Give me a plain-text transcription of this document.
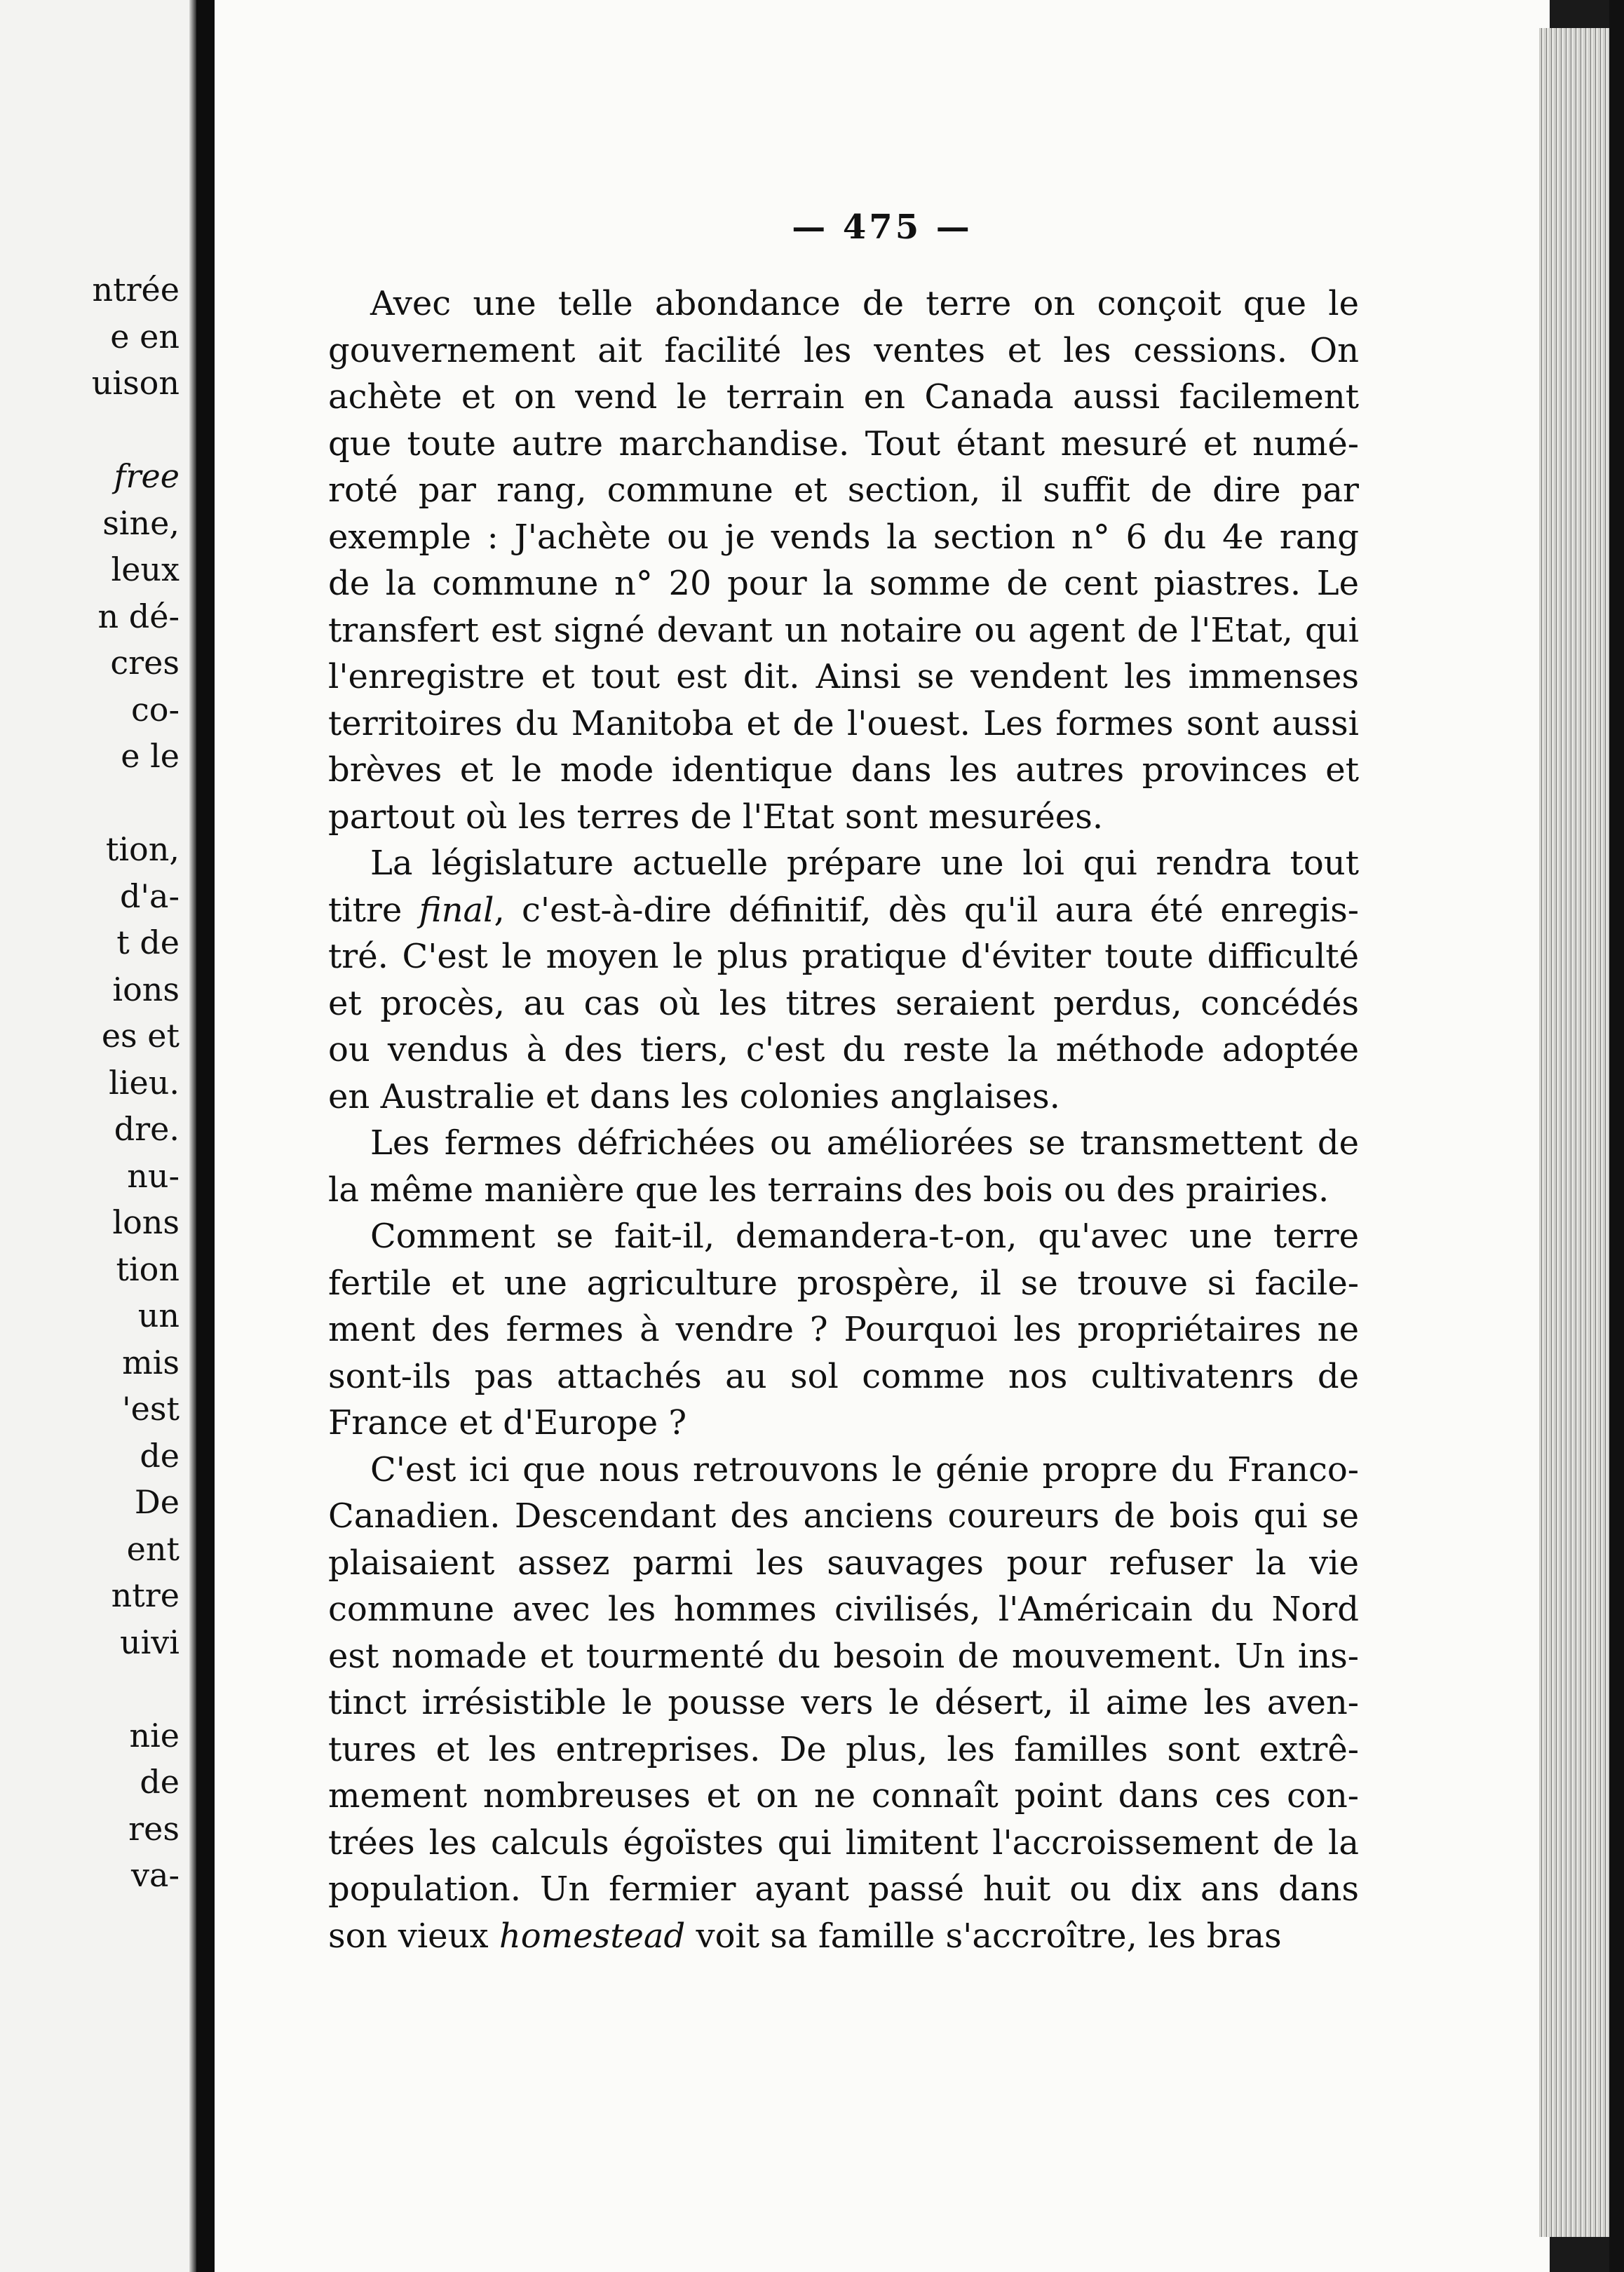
ntrée
e en
uison
free
sine,
leux
n dé-
cres
co-
e le
tion,
d'a-
t de
ions
es et
lieu.
dre.
nu-
lons
tion
un
mis
'est
de
De
ent
ntre
uivi
nie
de
res
va-
— 475 —
Avec une telle abondance de terre on conçoit que le
gouvernement ait facilité les ventes et les cessions. On
achète et on vend le terrain en Canada aussi facilement
que toute autre marchandise. Tout étant mesuré et numé-
roté par rang, commune et section, il suffit de dire par
exemple : J'achète ou je vends la section n° 6 du 4e rang
de la commune n° 20 pour la somme de cent piastres. Le
transfert est signé devant un notaire ou agent de l'Etat, qui
l'enregistre et tout est dit. Ainsi se vendent les immenses
territoires du Manitoba et de l'ouest. Les formes sont aussi
brèves et le mode identique dans les autres provinces et
partout où les terres de l'Etat sont mesurées.
La législature actuelle prépare une loi qui rendra tout
titre final, c'est-à-dire définitif, dès qu'il aura été enregis-
tré. C'est le moyen le plus pratique d'éviter toute difficulté
et procès, au cas où les titres seraient perdus, concédés
ou vendus à des tiers, c'est du reste la méthode adoptée
en Australie et dans les colonies anglaises.
Les fermes défrichées ou améliorées se transmettent de
la même manière que les terrains des bois ou des prairies.
Comment se fait-il, demandera-t-on, qu'avec une terre
fertile et une agriculture prospère, il se trouve si facile-
ment des fermes à vendre ? Pourquoi les propriétaires ne
sont-ils pas attachés au sol comme nos cultivatenrs de
France et d'Europe ?
C'est ici que nous retrouvons le génie propre du Franco-
Canadien. Descendant des anciens coureurs de bois qui se
plaisaient assez parmi les sauvages pour refuser la vie
commune avec les hommes civilisés, l'Américain du Nord
est nomade et tourmenté du besoin de mouvement. Un ins-
tinct irrésistible le pousse vers le désert, il aime les aven-
tures et les entreprises. De plus, les familles sont extrê-
mement nombreuses et on ne connaît point dans ces con-
trées les calculs égoïstes qui limitent l'accroissement de la
population. Un fermier ayant passé huit ou dix ans dans
son vieux homestead voit sa famille s'accroître, les bras
